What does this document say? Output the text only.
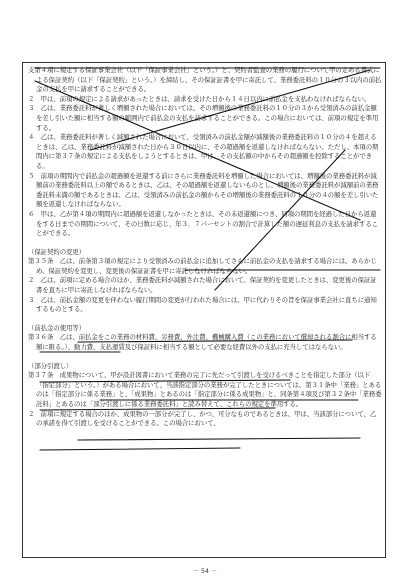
支第４項に規定する保証事業会社（以下「保証事業会社」という。）と、契約者監査の業務の履行について甲の定める書式による保証契約（以下「保証契約」という。）を締結し、その保証証書を甲に寄託して、業務委託料の１０分の３以内の前払金の支払を甲に請求することができる。

２　甲は、前項の規定による請求があったときは、請求を受けた日から１４日以内に前払金を支払わなければならない。

３　乙は、業務委託料が著しく増額された場合においては、その増額後の業務委託料の１０分の３から受領済みの前払金額を差し引いた額に相当する額の範囲内で前払金の支払を請求することができる。この場合においては、前項の規定を準用する。

４　乙は、業務委託料が著しく減額された場合において、受領済みの前払金額が減額後の業務委託料の１０分の４を超えるときは、乙は、業務委託料が減額された日から３０日以内に、その超過額を返還しなければならない。ただし、本項の期間内に第３７条の規定による支払をしようとするときは、甲は、その支払額の中からその超過額を控除することができる。

５　前項の期間内で前払金の超過額を返還する前にさらに業務委託料を増額した場合においては、増額後の業務委託料が減額前の業務委託料以上の額であるときは、乙は、その超過額を返還しないものとし、増額後の業務委託料が減額前の業務委託料未満の額であるときは、乙は、受領済みの前払金の額からその増額後の業務委託料の１０分の４の額を差し引いた額を返還しなければならない。

６　甲は、乙が第４項の期間内に超過額を返還しなかったときは、その未返還額につき、同項の期間を経過した日から返還をする日までの期間について、その日数に応じ、年３．７パーセントの割合で計算した額の遅延利息の支払を請求することができる。

（保証契約の変更）

第３５条　乙は、前条第３項の規定により受領済みの前払金に追加してさらに前払金の支払を請求する場合には、あらかじめ、保証契約を変更し、変更後の保証証書を甲に寄託しなければならない。

２　乙は、前項に定める場合のほか、業務委託料が減額された場合において、保証契約を変更したときは、変更後の保証証書を直ちに甲に寄託しなければならない。

３　乙は、前払金額の変更を伴わない履行期間の変更が行われた場合には、甲に代わりその旨を保証事業会社に直ちに通知するものとする。

（前払金の使用等）

第３６条　乙は、前払金をこの業務の材料費、労務費、外注費、機械購入費（この業務において償却される割合に相当する額に限る。）、動力費、支払運賃及び保証料に相当する額として必要な経費以外の支払に充当してはならない。

（部分引渡し）

第３７条　成果物について、甲が設計図書において業務の完了に先だって引渡しを受けるべきことを指定した部分（以下「指定部分」という。）がある場合において、当該指定部分の業務が完了したときについては、第３１条中「業務」とあるのは「指定部分に係る業務」と、「成果物」とあるのは「指定部分に係る成果物」と、同条第４項及び第３２条中「業務委託料」とあるのは「部分引渡しに係る業務委託料」と読み替えて、これらの規定を準用する。

２　前項に規定する場合のほか、成果物の一部分が完了し、かつ、可分なものであるときは、甲は、当該部分について、乙の承諾を得て引渡しを受けることができる。この場合において、

－ 54 －
